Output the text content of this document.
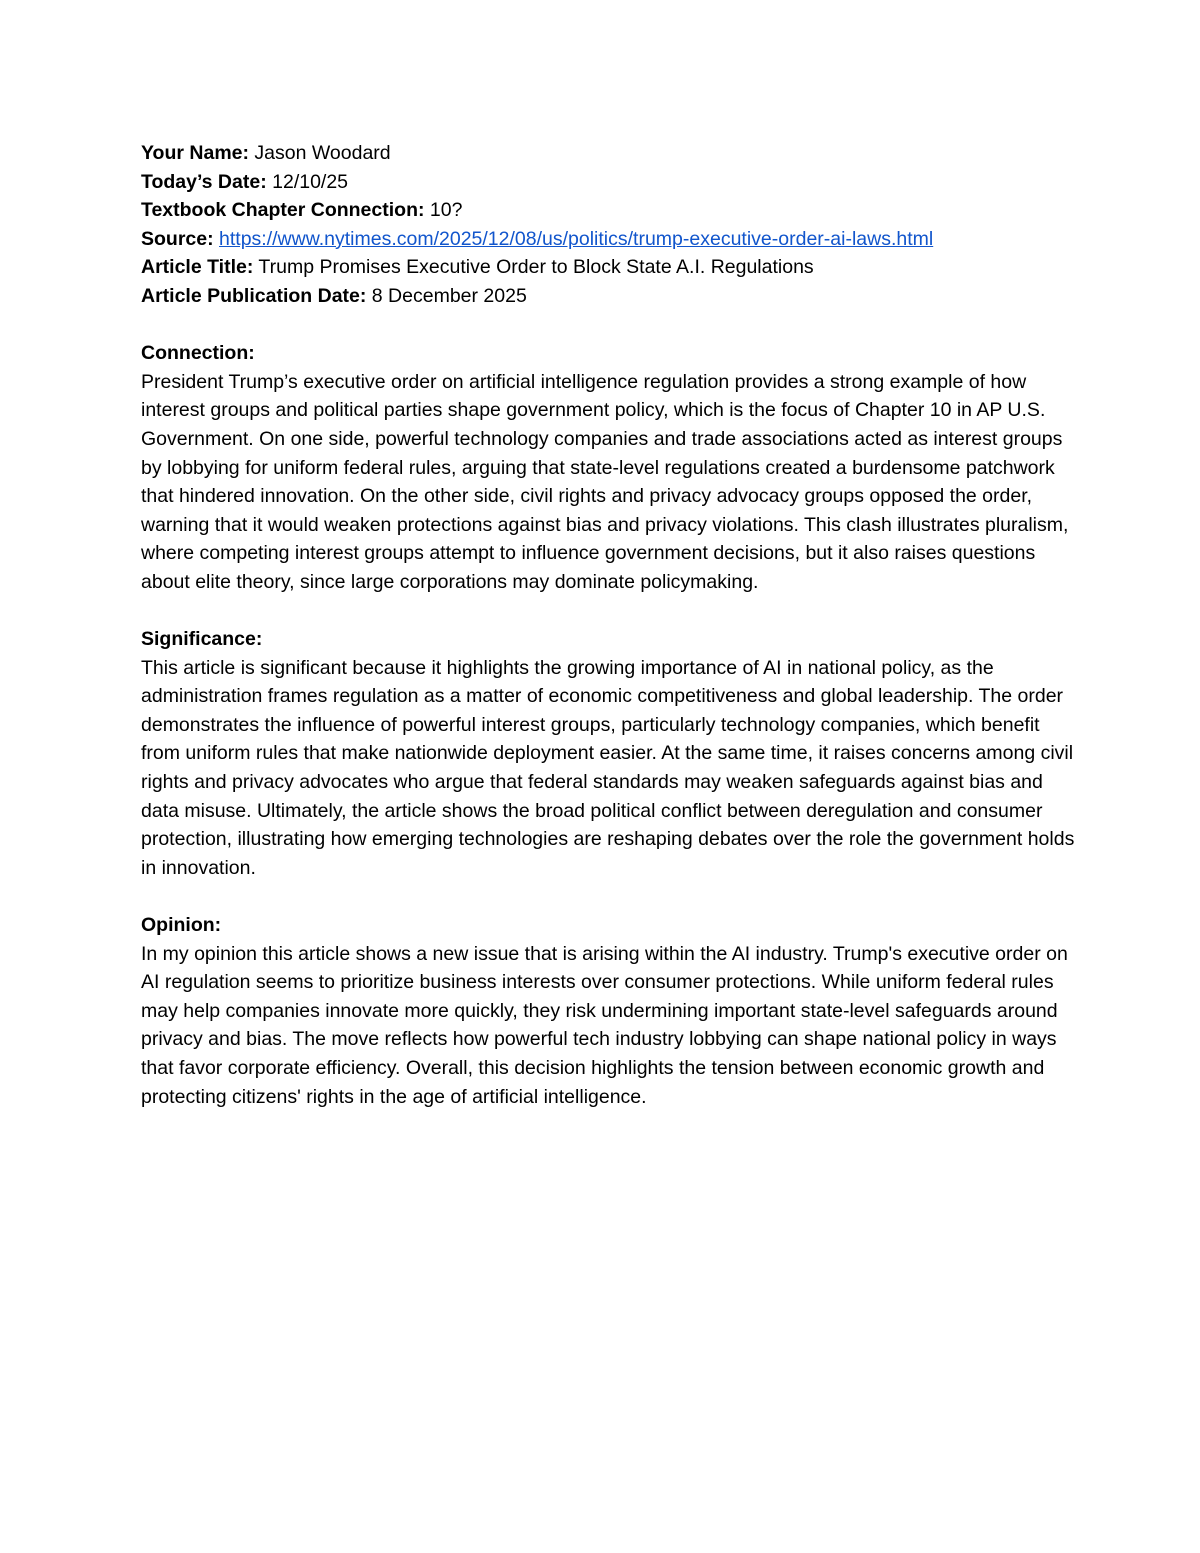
Your Name: Jason Woodard
Today’s Date: 12/10/25
Textbook Chapter Connection: 10?
Source: https://www.nytimes.com/2025/12/08/us/politics/trump-executive-order-ai-laws.html
Article Title: Trump Promises Executive Order to Block State A.I. Regulations
Article Publication Date: 8 December 2025
Connection:

President Trump’s executive order on artificial intelligence regulation provides a strong example of how interest groups and political parties shape government policy, which is the focus of Chapter 10 in AP U.S. Government. On one side, powerful technology companies and trade associations acted as interest groups by lobbying for uniform federal rules, arguing that state-level regulations created a burdensome patchwork that hindered innovation. On the other side, civil rights and privacy advocacy groups opposed the order, warning that it would weaken protections against bias and privacy violations. This clash illustrates pluralism, where competing interest groups attempt to influence government decisions, but it also raises questions about elite theory, since large corporations may dominate policymaking.

Significance:

This article is significant because it highlights the growing importance of AI in national policy, as the administration frames regulation as a matter of economic competitiveness and global leadership. The order demonstrates the influence of powerful interest groups, particularly technology companies, which benefit from uniform rules that make nationwide deployment easier. At the same time, it raises concerns among civil rights and privacy advocates who argue that federal standards may weaken safeguards against bias and data misuse. Ultimately, the article shows the broad political conflict between deregulation and consumer protection, illustrating how emerging technologies are reshaping debates over the role the government holds in innovation.

Opinion:

In my opinion this article shows a new issue that is arising within the AI industry. Trump's executive order on AI regulation seems to prioritize business interests over consumer protections. While uniform federal rules may help companies innovate more quickly, they risk undermining important state-level safeguards around privacy and bias. The move reflects how powerful tech industry lobbying can shape national policy in ways that favor corporate efficiency. Overall, this decision highlights the tension between economic growth and protecting citizens' rights in the age of artificial intelligence.
